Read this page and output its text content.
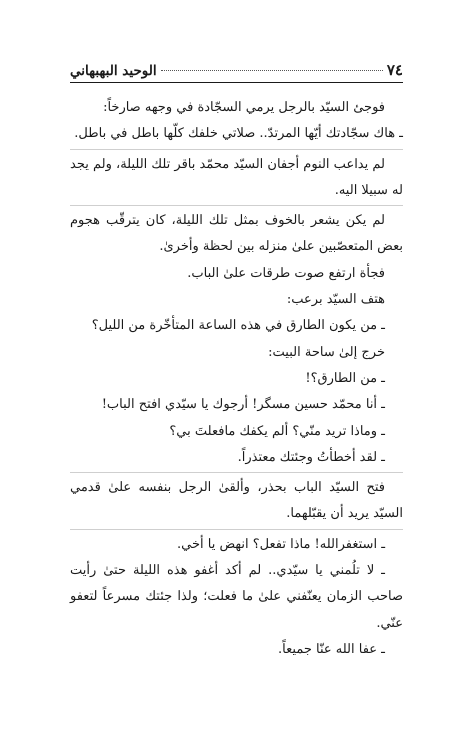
٧٤
الوحيد البهبهاني

فوجئ السيّد بالرجل يرمي السجّادة في وجهه صارخاً:

ـ هاك سجّادتك أيّها المرتدّ.. صلاتي خلفك كلّها باطل في باطل.

لم يداعب النوم أجفان السيّد محمّد باقر تلك الليلة، ولم يجد له سبيلا اليه.

لم يكن يشعر بالخوف بمثل تلك الليلة، كان يترقّب هجوم بعض المتعصّبين علىٰ منزله بين لحظة وأخرىٰ.

فجأة ارتفع صوت طرقات علىٰ الباب.

هتف السيّد برعب:

ـ من يكون الطارق في هذه الساعة المتأخّرة من الليل؟

خرج إلىٰ ساحة البيت:

ـ من الطارق؟!

ـ أنا محمّد حسين مسگر! أرجوك يا سيّدي افتح الباب!

ـ وماذا تريد منّي؟ ألم يكفك مافعلتَ بي؟

ـ لقد أخطأتُ وجئتك معتذراً.

فتح السيّد الباب بحذر، وألقىٰ الرجل بنفسه علىٰ قدمي السيّد يريد أن يقبّلهما.

ـ استغفرالله! ماذا تفعل؟ انهض يا أخي.

ـ لا تلُمني يا سيّدي.. لم أكد أغفو هذه الليلة حتىٰ رأيت صاحب الزمان يعنّفني علىٰ ما فعلت؛ ولذا جئتك مسرعاً لتعفو عنّي.

ـ عفا الله عنّا جميعاً.
